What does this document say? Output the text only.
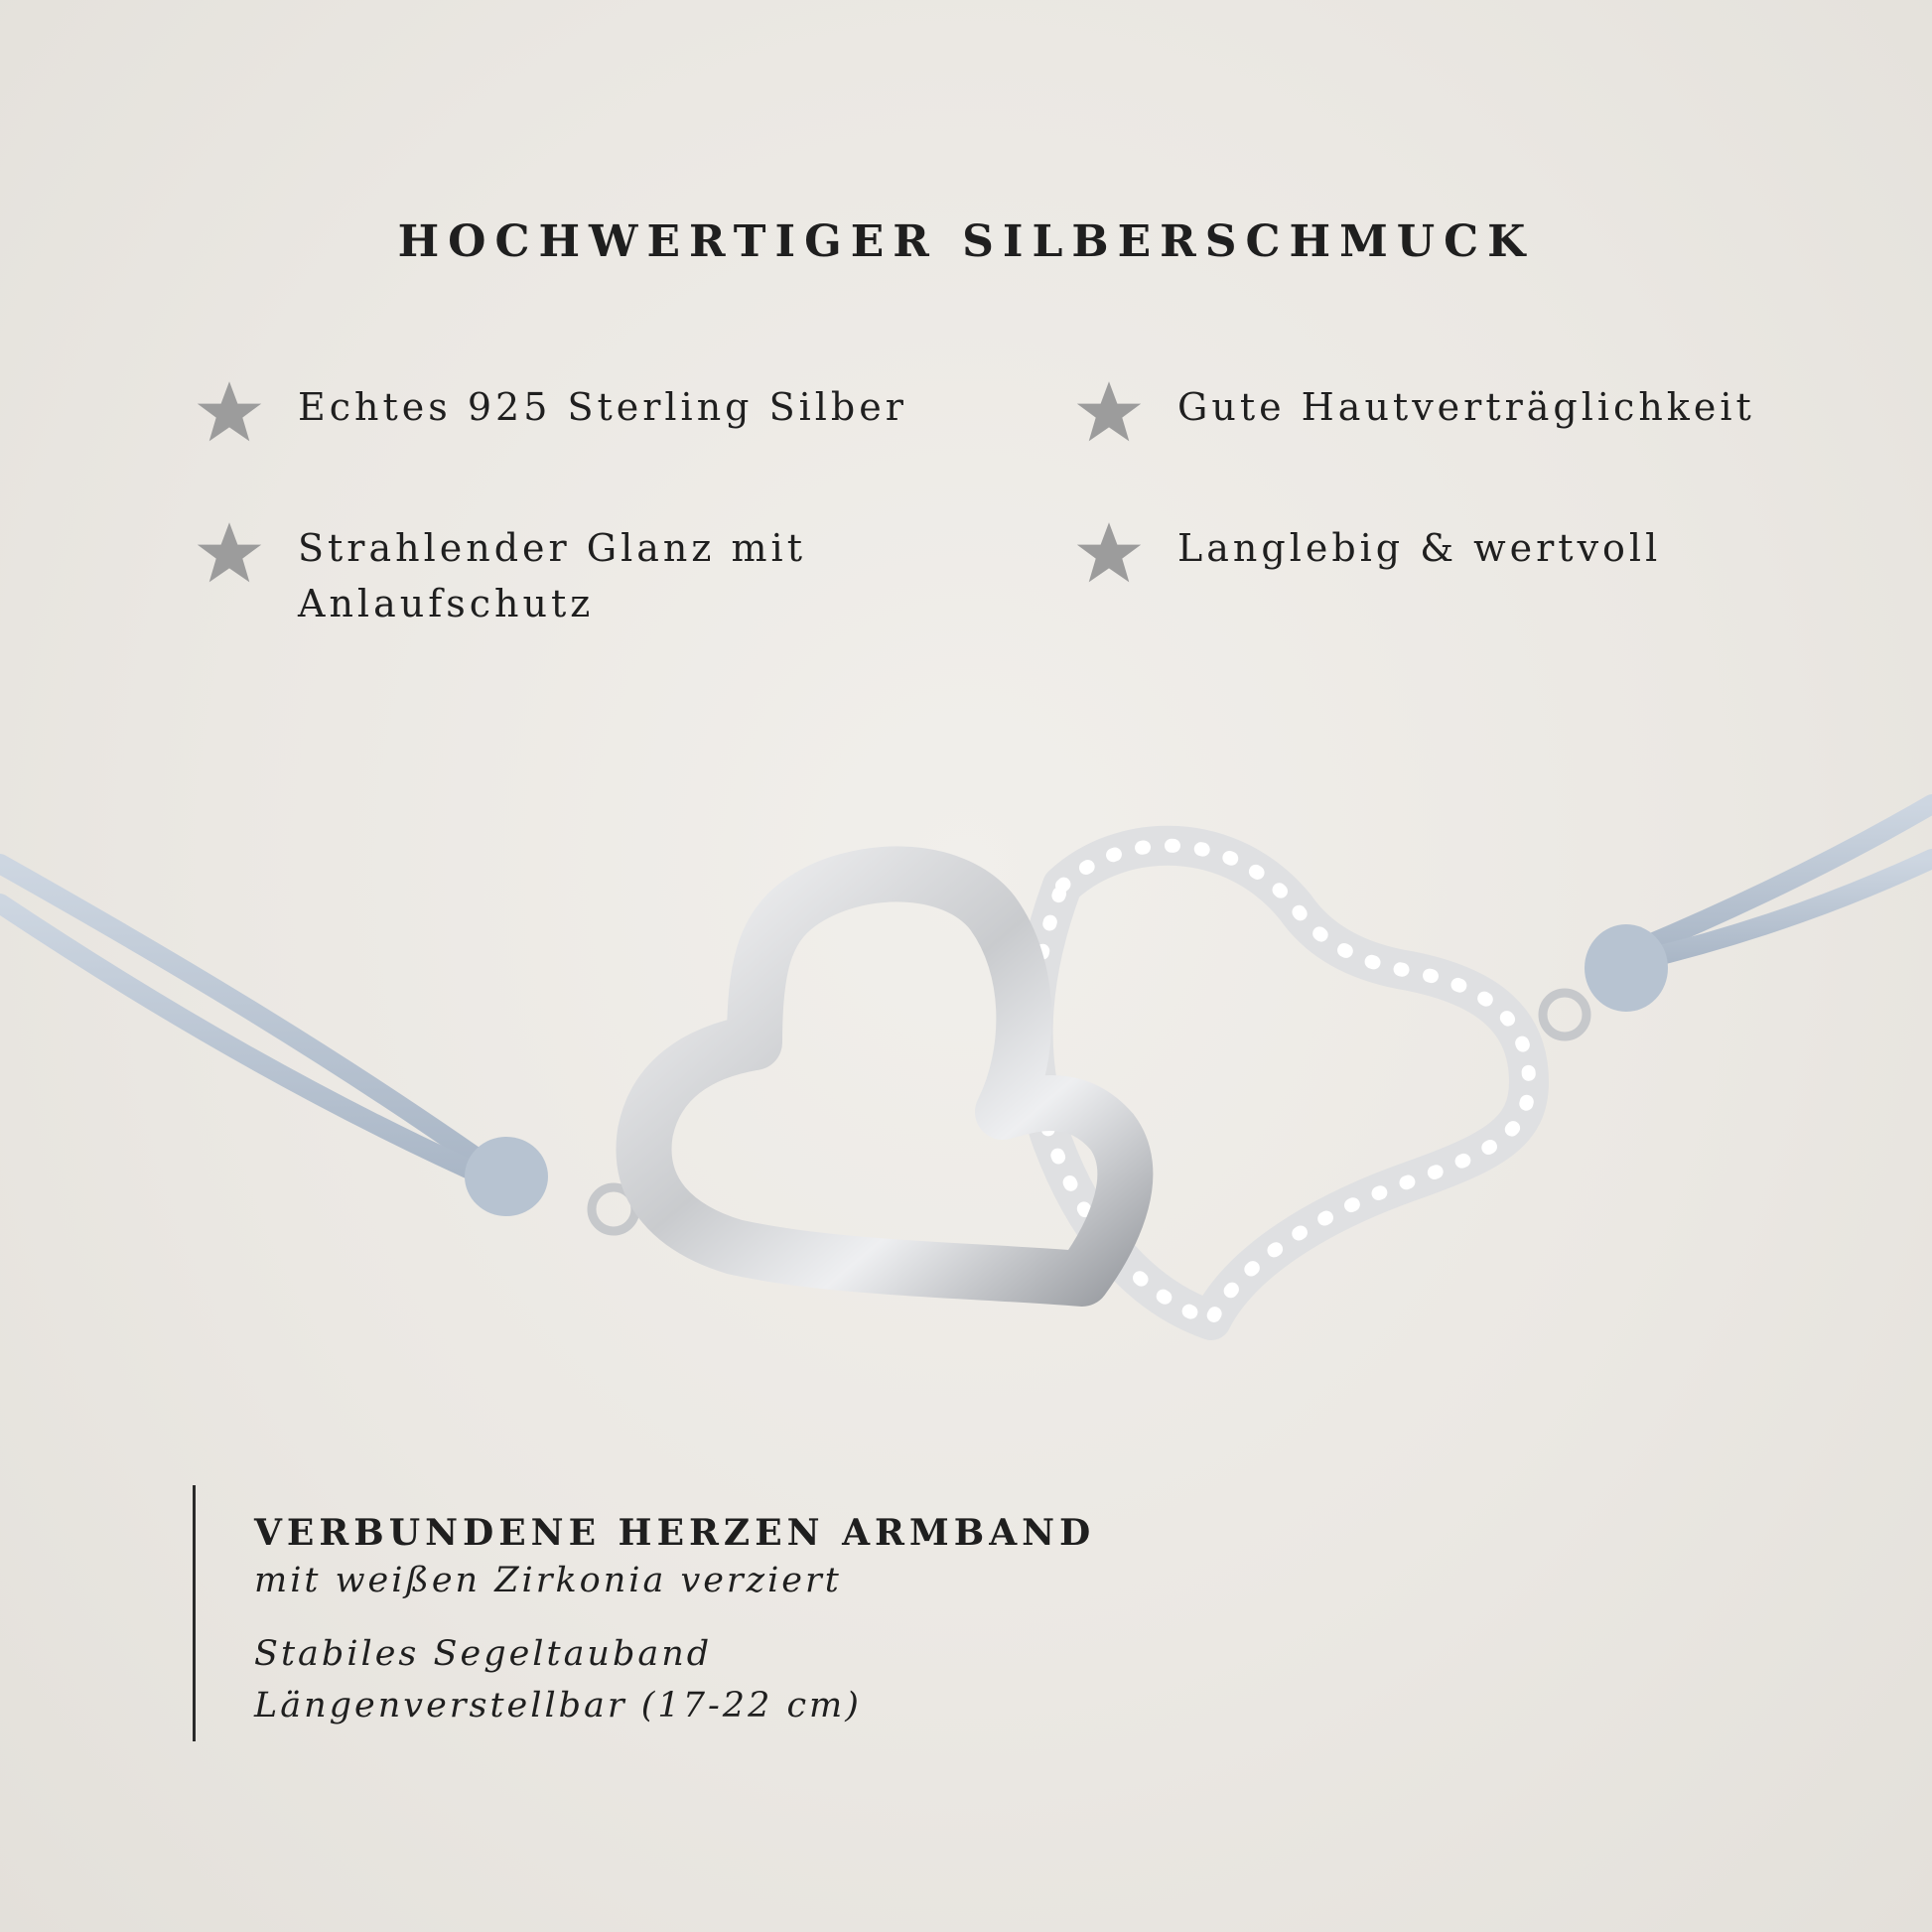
HOCHWERTIGER SILBERSCHMUCK
Echtes 925 Sterling Silber	Gute Hautverträglichkeit
Strahlender Glanz mit
Anlaufschutz
Langlebig & wertvoll
VERBUNDENE HERZEN ARMBAND
mit weißen Zirkonia verziert
Stabiles Segeltauband
Längenverstellbar (17-22 cm)
